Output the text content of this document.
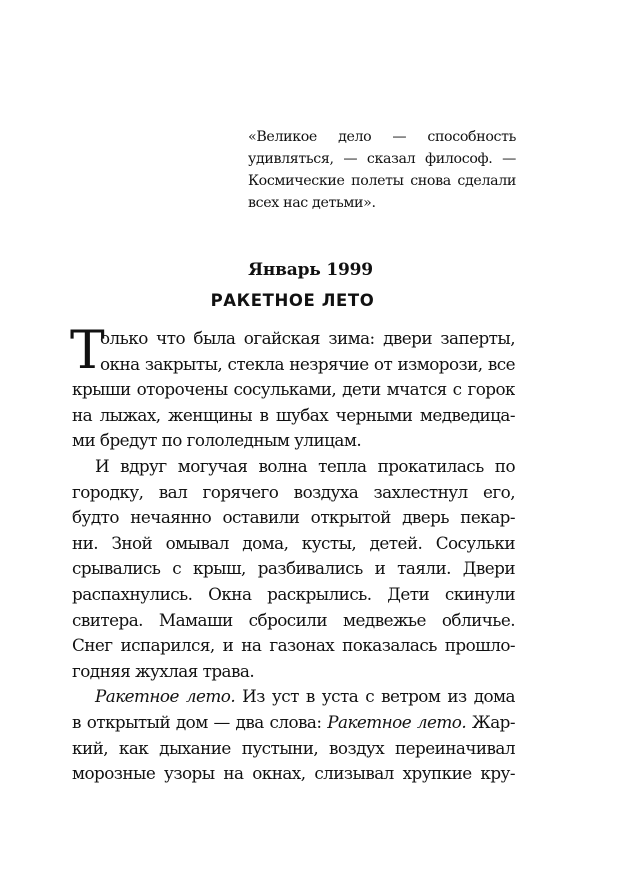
«Великое дело — способность
удивляться, — сказал философ. —
Космические полеты снова сделали
всех нас детьми».
Январь 1999
РАКЕТНОЕ ЛЕТО
Т
олько что была огайская зима: двери заперты,
окна закрыты, стекла незрячие от изморози, все
крыши оторочены сосульками, дети мчатся с горок
на лыжах, женщины в шубах черными медведица-
ми бредут по гололедным улицам.
И вдруг могучая волна тепла прокатилась по
городку, вал горячего воздуха захлестнул его,
будто нечаянно оставили открытой дверь пекар-
ни. Зной омывал дома, кусты, детей. Сосульки
срывались с крыш, разбивались и таяли. Двери
распахнулись. Окна раскрылись. Дети скинули
свитера. Мамаши сбросили медвежье обличье.
Снег испарился, и на газонах показалась прошло-
годняя жухлая трава.
Ракетное лето. Из уст в уста с ветром из дома
в открытый дом — два слова: Ракетное лето. Жар-
кий, как дыхание пустыни, воздух переиначивал
морозные узоры на окнах, слизывал хрупкие кру-
